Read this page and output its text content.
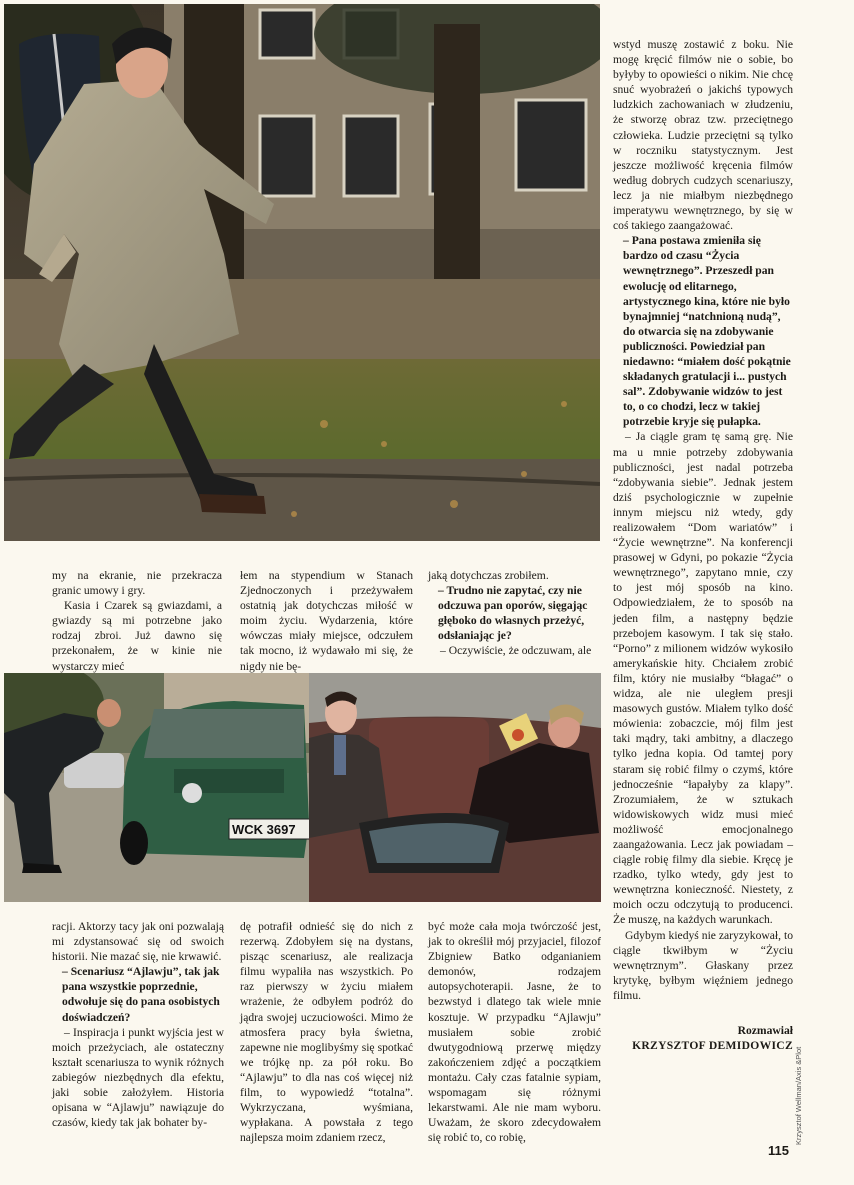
wstyd muszę zostawić z boku. Nie mogę kręcić filmów nie o sobie, bo byłyby to opowieści o nikim. Nie chcę snuć wyobrażeń o jakichś typowych ludzkich zachowaniach w złudzeniu, że stworzę obraz tzw. przeciętnego człowieka. Ludzie przeciętni są tylko w roczniku statystycznym. Jest jeszcze możliwość kręcenia filmów według dobrych cudzych scenariuszy, lecz ja nie miałbym niezbędnego imperatywu wewnętrznego, by się w coś takiego zaangażować.

– Pana postawa zmieniła się bardzo od czasu “Życia wewnętrznego”. Przeszedł pan ewolucję od elitarnego, artystycznego kina, które nie było bynajmniej “natchnioną nudą”, do otwarcia się na zdobywanie publiczności. Powiedział pan niedawno: “miałem dość pokątnie składanych gratulacji i... pustych sal”. Zdobywanie widzów to jest to, o co chodzi, lecz w takiej potrzebie kryje się pułapka.

– Ja ciągle gram tę samą grę. Nie ma u mnie potrzeby zdobywania publiczności, jest nadal potrzeba “zdobywania siebie”. Jednak jestem dziś psychologicznie w zupełnie innym miejscu niż wtedy, gdy realizowałem “Dom wariatów” i “Życie wewnętrzne”. Na konferencji prasowej w Gdyni, po pokazie “Życia wewnętrznego”, zapytano mnie, czy to jest mój sposób na kino. Odpowiedziałem, że to sposób na jeden film, a następny będzie przebojem kasowym. I tak się stało. “Porno” z milionem widzów wykosiło amerykańskie hity. Chciałem zrobić film, który nie musiałby “błagać” o widza, ale nie uległem presji masowych gustów. Miałem tylko dość mówienia: zobaczcie, mój film jest taki mądry, taki ambitny, a dlaczego tylko jedna kopia. Od tamtej pory staram się robić filmy o czymś, które jednocześnie “łapałyby za klapy”. Zrozumiałem, że w sztukach widowiskowych widz musi mieć możliwość emocjonalnego zaangażowania. Lecz jak powiadam – ciągle robię filmy dla siebie. Kręcę je rzadko, tylko wtedy, gdy jest to wewnętrzna konieczność. Niestety, z moich oczu odczytują to producenci. Że muszę, na każdych warunkach.

Gdybym kiedyś nie zaryzykował, to ciągle tkwiłbym w “Życiu wewnętrznym”. Głaskany przez krytykę, byłbym więźniem jednego filmu.

Rozmawiał

KRZYSZTOF DEMIDOWICZ

my na ekranie, nie przekracza granic umowy i gry.

Kasia i Czarek są gwiazdami, a gwiazdy są mi potrzebne jako rodzaj zbroi. Już dawno się przekonałem, że w kinie nie wystarczy mieć

łem na stypendium w Stanach Zjednoczonych i przeżywałem ostatnią jak dotychczas miłość w moim życiu. Wydarzenia, które wówczas miały miejsce, odczułem tak mocno, iż wydawało mi się, że nigdy nie bę-

jaką dotychczas zrobiłem.

– Trudno nie zapytać, czy nie odczuwa pan oporów, sięgając głęboko do własnych przeżyć, odsłaniając je?

– Oczywiście, że odczuwam, ale

WCK 3697

racji. Aktorzy tacy jak oni pozwalają mi zdystansować się od swoich historii. Nie mazać się, nie krwawić.

– Scenariusz “Ajlawju”, tak jak pana wszystkie poprzednie, odwołuje się do pana osobistych doświadczeń?

– Inspiracja i punkt wyjścia jest w moich przeżyciach, ale ostateczny kształt scenariusza to wynik różnych zabiegów niezbędnych dla efektu, jaki sobie założyłem. Historia opisana w “Ajlawju” nawiązuje do czasów, kiedy tak jak bohater by-

dę potrafił odnieść się do nich z rezerwą. Zdobyłem się na dystans, pisząc scenariusz, ale realizacja filmu wypaliła nas wszystkich. Po raz pierwszy w życiu miałem wrażenie, że odbyłem podróż do jądra swojej uczuciowości. Mimo że atmosfera pracy była świetna, zapewne nie moglibyśmy się spotkać we trójkę np. za pół roku. Bo “Ajlawju” to dla nas coś więcej niż film, to wypowiedź “totalna”. Wykrzyczana, wyśmiana, wypłakana. A powstała z tego najlepsza moim zdaniem rzecz,

być może cała moja twórczość jest, jak to określił mój przyjaciel, filozof Zbigniew Batko odganianiem demonów, rodzajem autopsychoterapii. Jasne, że to bezwstyd i dlatego tak wiele mnie kosztuje. W przypadku “Ajlawju” musiałem sobie zrobić dwutygodniową przerwę między zakończeniem zdjęć a początkiem montażu. Cały czas fatalnie sypiam, wspomagam się różnymi lekarstwami. Ale nie mam wyboru. Uważam, że skoro zdecydowałem się robić to, co robię,	Krzysztof Wellman/Axis &Plot
115
